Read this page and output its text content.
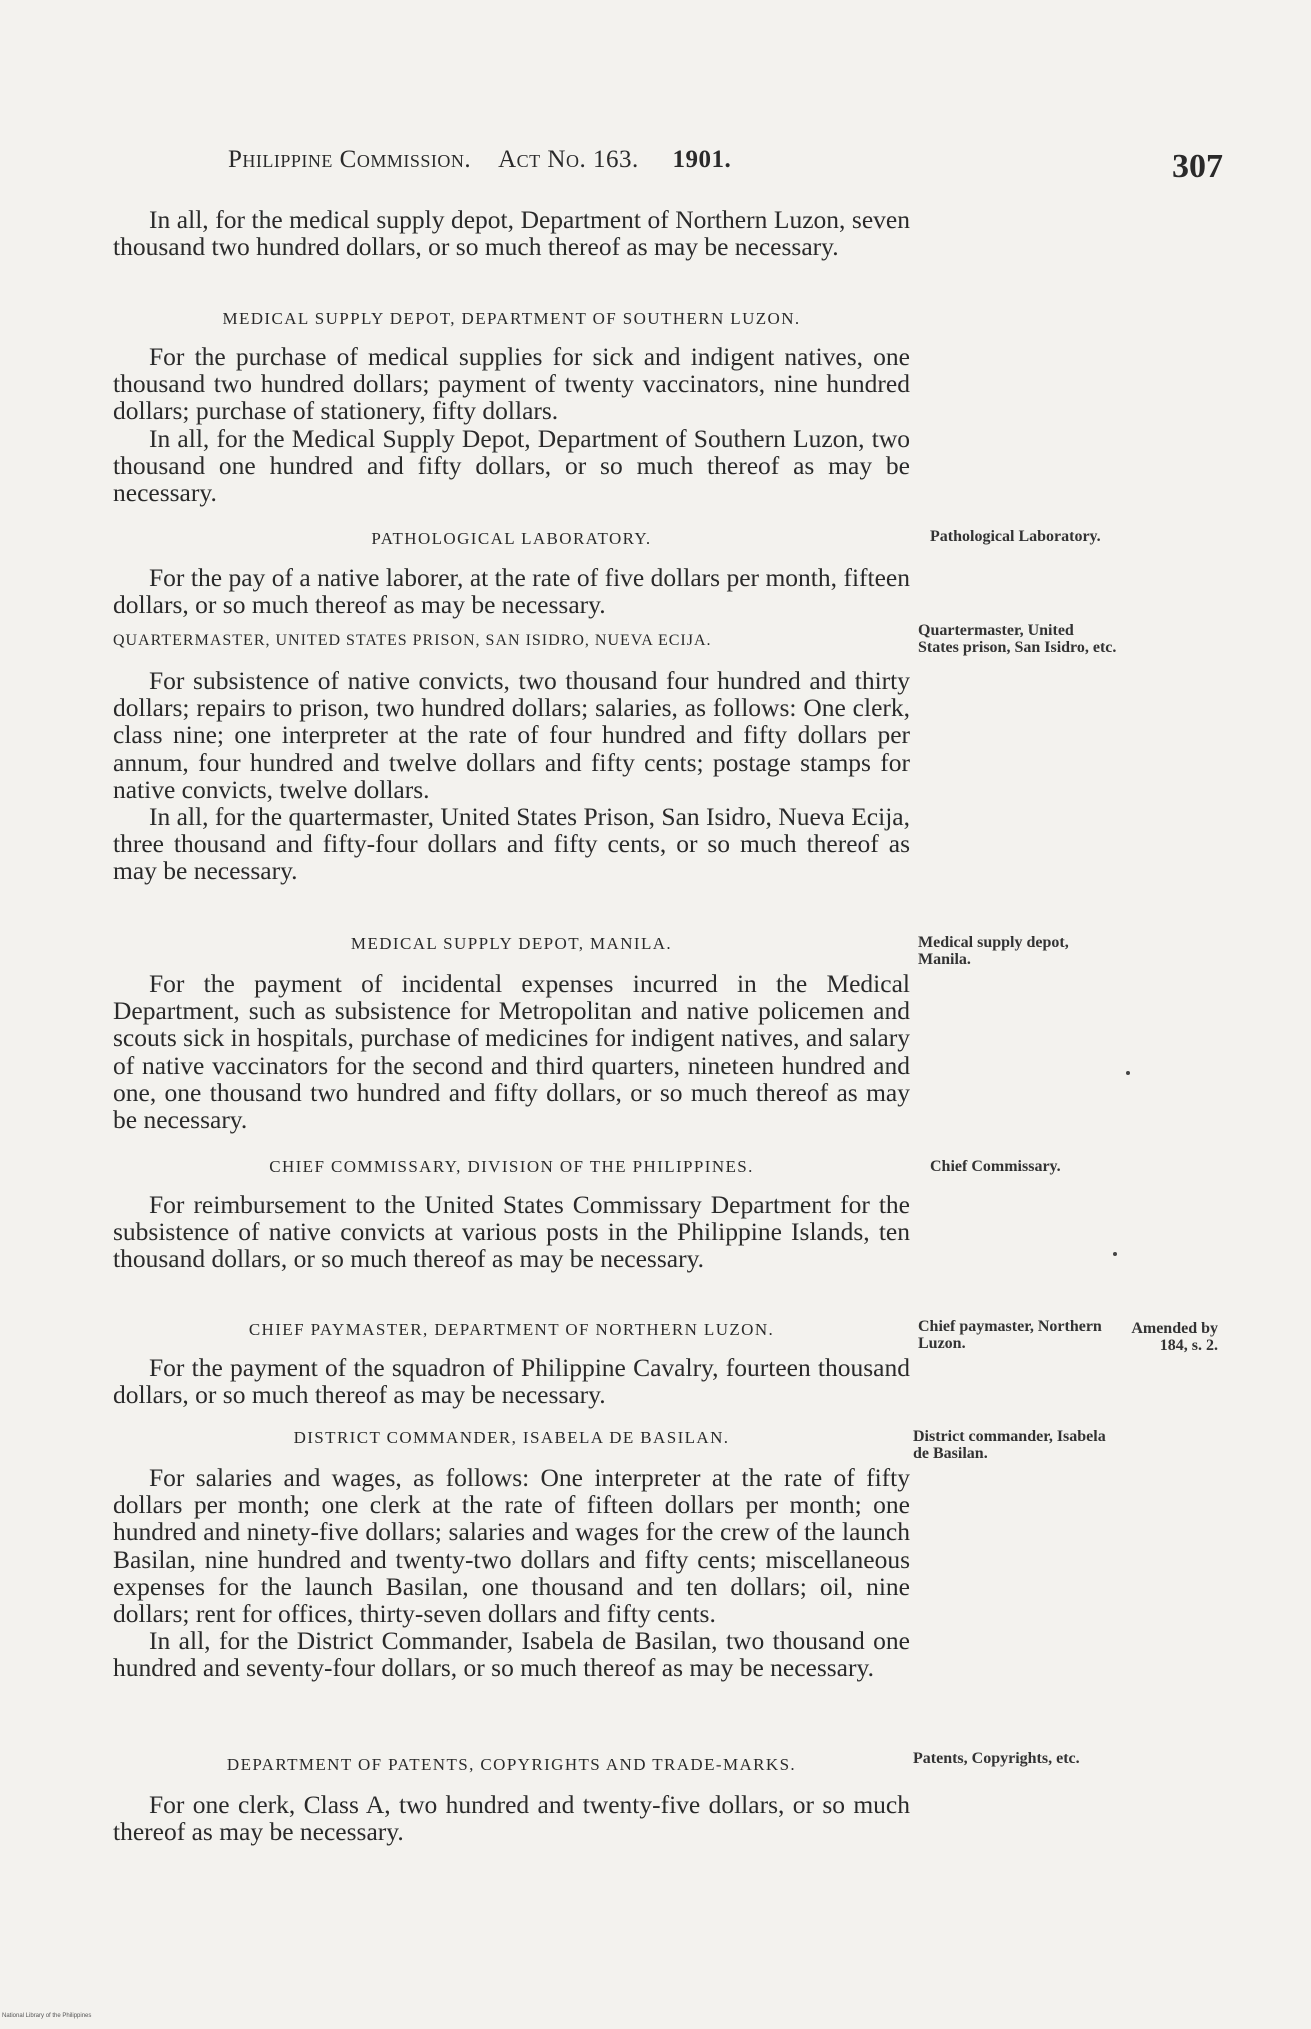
Philippine Commission. Act No. 163. 1901.	307

In all, for the medical supply depot, Department of Northern Luzon, seven thousand two hundred dollars, or so much thereof as may be necessary.

MEDICAL SUPPLY DEPOT, DEPARTMENT OF SOUTHERN LUZON.

For the purchase of medical supplies for sick and indigent natives, one thousand two hundred dollars; payment of twenty vaccinators, nine hundred dollars; purchase of stationery, fifty dollars.

In all, for the Medical Supply Depot, Department of Southern Luzon, two thousand one hundred and fifty dollars, or so much thereof as may be necessary.

PATHOLOGICAL LABORATORY.

For the pay of a native laborer, at the rate of five dollars per month, fifteen dollars, or so much thereof as may be necessary.

QUARTERMASTER, UNITED STATES PRISON, SAN ISIDRO, NUEVA ECIJA.

For subsistence of native convicts, two thousand four hundred and thirty dollars; repairs to prison, two hundred dollars; salaries, as follows: One clerk, class nine; one interpreter at the rate of four hundred and fifty dollars per annum, four hundred and twelve dollars and fifty cents; postage stamps for native convicts, twelve dollars.

In all, for the quartermaster, United States Prison, San Isidro, Nueva Ecija, three thousand and fifty-four dollars and fifty cents, or so much thereof as may be necessary.

MEDICAL SUPPLY DEPOT, MANILA.

For the payment of incidental expenses incurred in the Medical Department, such as subsistence for Metropolitan and native policemen and scouts sick in hospitals, purchase of medicines for indigent natives, and salary of native vaccinators for the second and third quarters, nineteen hundred and one, one thousand two hundred and fifty dollars, or so much thereof as may be necessary.

CHIEF COMMISSARY, DIVISION OF THE PHILIPPINES.

For reimbursement to the United States Commissary Department for the subsistence of native convicts at various posts in the Philippine Islands, ten thousand dollars, or so much thereof as may be necessary.

CHIEF PAYMASTER, DEPARTMENT OF NORTHERN LUZON.

For the payment of the squadron of Philippine Cavalry, fourteen thousand dollars, or so much thereof as may be necessary.

DISTRICT COMMANDER, ISABELA DE BASILAN.

For salaries and wages, as follows: One interpreter at the rate of fifty dollars per month; one clerk at the rate of fifteen dollars per month; one hundred and ninety-five dollars; salaries and wages for the crew of the launch Basilan, nine hundred and twenty-two dollars and fifty cents; miscellaneous expenses for the launch Basilan, one thousand and ten dollars; oil, nine dollars; rent for offices, thirty-seven dollars and fifty cents.

In all, for the District Commander, Isabela de Basilan, two thousand one hundred and seventy-four dollars, or so much thereof as may be necessary.

DEPARTMENT OF PATENTS, COPYRIGHTS AND TRADE-MARKS.

For one clerk, Class A, two hundred and twenty-five dollars, or so much thereof as may be necessary.

Pathological Laboratory.
Quartermaster, United States prison, San Isidro, etc.
Medical supply depot, Manila.
Chief Commissary.
Chief paymaster, Northern Luzon.
Amended by 184, s. 2.
District commander, Isabela de Basilan.
Patents, Copyrights, etc.
National Library of the Philippines
